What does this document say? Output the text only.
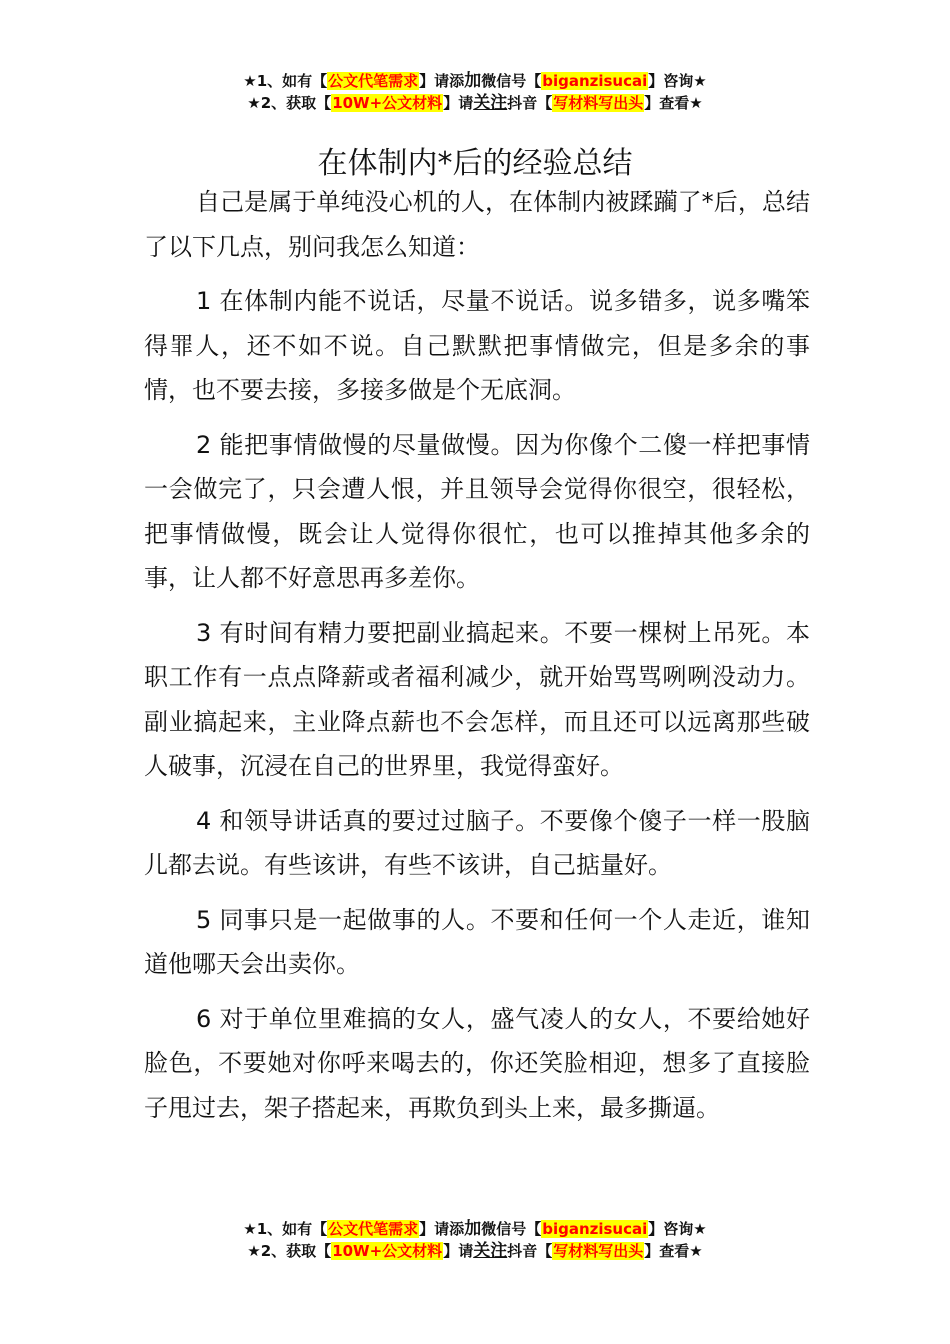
★1、如有【公文代笔需求】请添加微信号【biganzisucai】咨询★
★2、获取【10W+公文材料】请关注抖音【写材料写出头】查看★
在体制内*后的经验总结

自己是属于单纯没心机的人，在体制内被蹂躏了*后，总结了以下几点，别问我怎么知道：

1 在体制内能不说话，尽量不说话。说多错多，说多嘴笨得罪人，还不如不说。自己默默把事情做完，但是多余的事情，也不要去接，多接多做是个无底洞。

2 能把事情做慢的尽量做慢。因为你像个二傻一样把事情一会做完了，只会遭人恨，并且领导会觉得你很空，很轻松，把事情做慢，既会让人觉得你很忙，也可以推掉其他多余的事，让人都不好意思再多差你。

3 有时间有精力要把副业搞起来。不要一棵树上吊死。本职工作有一点点降薪或者福利减少，就开始骂骂咧咧没动力。副业搞起来，主业降点薪也不会怎样，而且还可以远离那些破人破事，沉浸在自己的世界里，我觉得蛮好。

4 和领导讲话真的要过过脑子。不要像个傻子一样一股脑儿都去说。有些该讲，有些不该讲，自己掂量好。

5 同事只是一起做事的人。不要和任何一个人走近，谁知道他哪天会出卖你。

6 对于单位里难搞的女人，盛气凌人的女人，不要给她好脸色，不要她对你呼来喝去的，你还笑脸相迎，想多了直接脸子甩过去，架子搭起来，再欺负到头上来，最多撕逼。

★1、如有【公文代笔需求】请添加微信号【biganzisucai】咨询★
★2、获取【10W+公文材料】请关注抖音【写材料写出头】查看★
